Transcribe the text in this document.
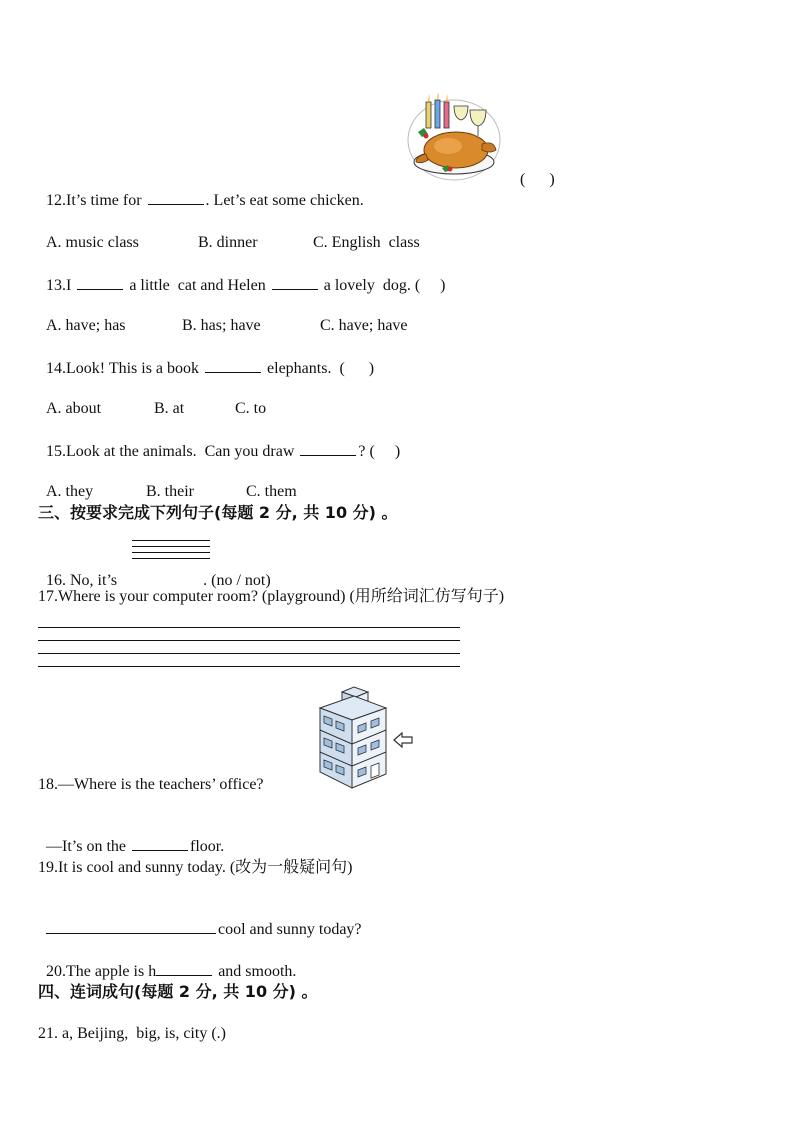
12.It’s time for	. Let’s eat some chicken.

(      )

A. music class	B. dinner	C. English  class

13.I	a little  cat and Helen	a lovely  dog. (     )

A. have; has	B. has; have	C. have; have

14.Look! This is a book	elephants.  (      )

A. about	B. at	C. to

15.Look at the animals.  Can you draw	? (     )

A. they	B. their	C. them

三、按要求完成下列句子(每题 2 分, 共 10 分) 。

16. No, it’s	. (no / not)

17.Where is your computer room? (playground) (用所给词汇仿写句子)
18.—Where is the teachers’ office?

—It’s on the	floor.

19.It is cool and sunny today. (改为一般疑问句)

cool and sunny today?

20.The apple is h	and smooth.

四、连词成句(每题 2 分, 共 10 分) 。
21. a, Beijing,  big, is, city (.)
